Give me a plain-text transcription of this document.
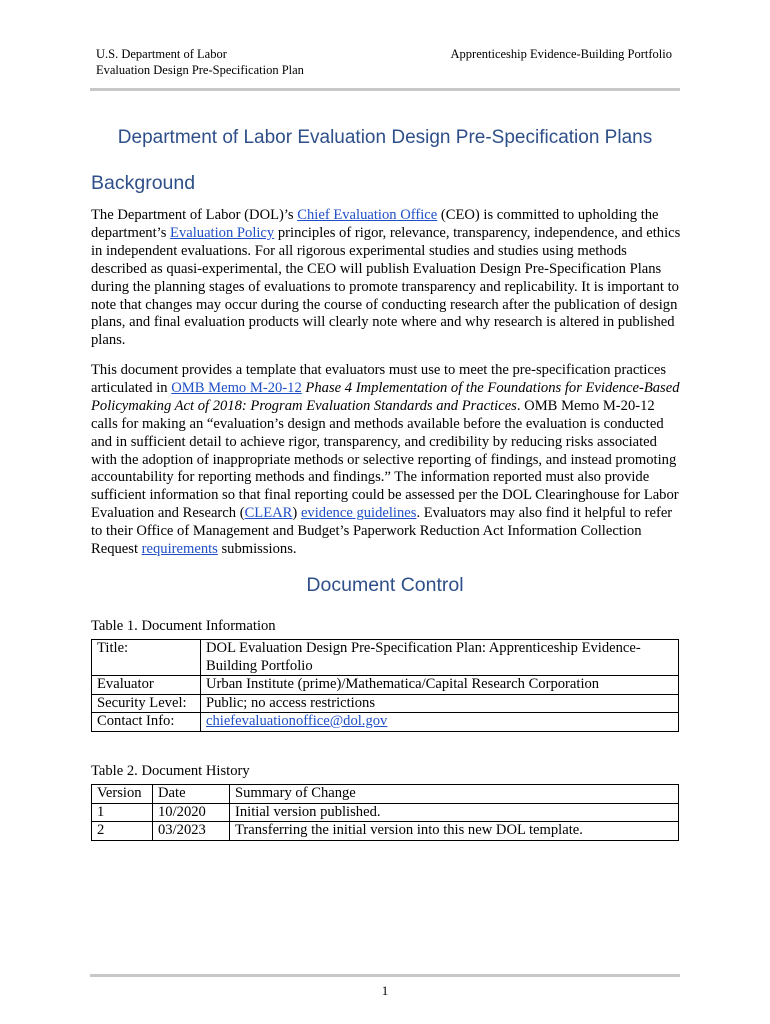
U.S. Department of Labor
Evaluation Design Pre-Specification Plan
Apprenticeship Evidence-Building Portfolio
Department of Labor Evaluation Design Pre-Specification Plans
Background
The Department of Labor (DOL)’s Chief Evaluation Office (CEO) is committed to upholding the department’s Evaluation Policy principles of rigor, relevance, transparency, independence, and ethics in independent evaluations. For all rigorous experimental studies and studies using methods described as quasi-experimental, the CEO will publish Evaluation Design Pre-Specification Plans during the planning stages of evaluations to promote transparency and replicability. It is important to note that changes may occur during the course of conducting research after the publication of design plans, and final evaluation products will clearly note where and why research is altered in published plans.
This document provides a template that evaluators must use to meet the pre-specification practices articulated in OMB Memo M-20-12 Phase 4 Implementation of the Foundations for Evidence-Based Policymaking Act of 2018: Program Evaluation Standards and Practices. OMB Memo M-20-12 calls for making an “evaluation’s design and methods available before the evaluation is conducted and in sufficient detail to achieve rigor, transparency, and credibility by reducing risks associated with the adoption of inappropriate methods or selective reporting of findings, and instead promoting accountability for reporting methods and findings.” The information reported must also provide sufficient information so that final reporting could be assessed per the DOL Clearinghouse for Labor Evaluation and Research (CLEAR) evidence guidelines. Evaluators may also find it helpful to refer to their Office of Management and Budget’s Paperwork Reduction Act Information Collection Request requirements submissions.
Document Control
Table 1. Document Information
Title:	DOL Evaluation Design Pre-Specification Plan: Apprenticeship Evidence-Building Portfolio
Evaluator	Urban Institute (prime)/Mathematica/Capital Research Corporation
Security Level:	Public; no access restrictions
Contact Info:	chiefevaluationoffice@dol.gov
Table 2. Document History
Version	Date	Summary of Change
1	10/2020	Initial version published.
2	03/2023	Transferring the initial version into this new DOL template.
1
